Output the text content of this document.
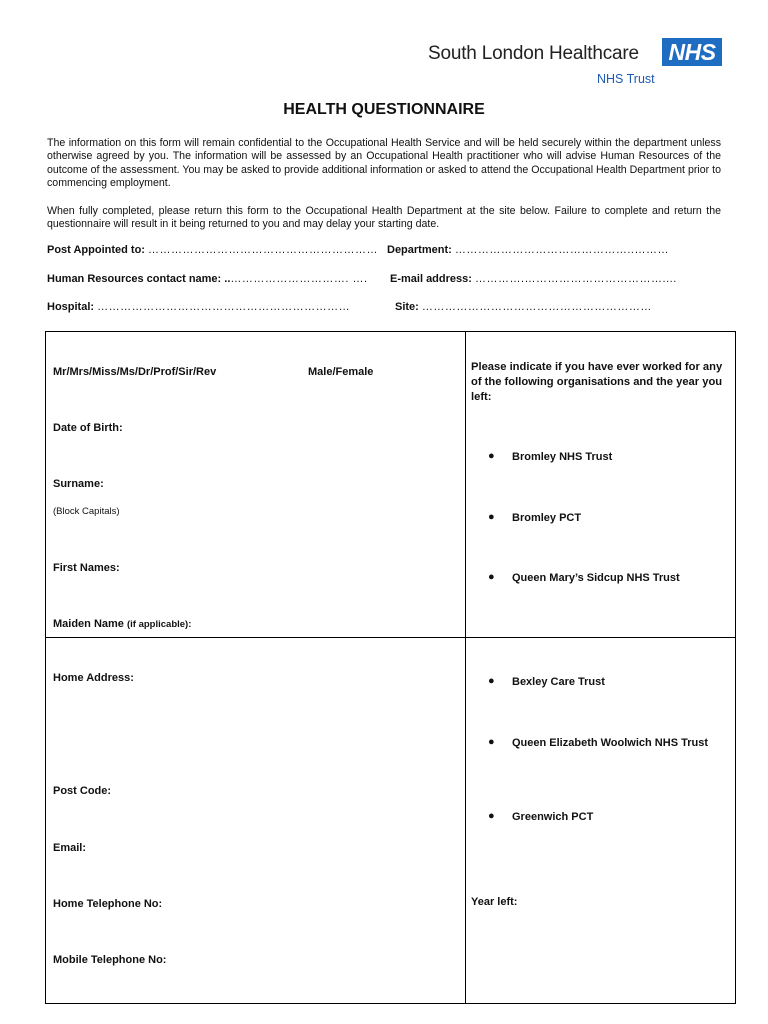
South London Healthcare NHS
NHS Trust
HEALTH QUESTIONNAIRE

The information on this form will remain confidential to the Occupational Health Service and will be held securely within the department unless otherwise agreed by you. The information will be assessed by an Occupational Health practitioner who will advise Human Resources of the outcome of the assessment. You may be asked to provide additional information or asked to attend the Occupational Health Department prior to commencing employment.

When fully completed, please return this form to the Occupational Health Department at the site below. Failure to complete and return the questionnaire will result in it being returned to you and may delay your starting date.

Post Appointed to: …………………………………………………… Department: ………………………………………..………
Human Resources contact name: ..…………………………. …. E-mail address: ………….………………………………....
Hospital: …………………………………………………………	Site: ……………………………………………………
Mr/Mrs/Miss/Ms/Dr/Prof/Sir/Rev	Male/Female
Date of Birth:
Surname:
(Block Capitals)
First Names:
Maiden Name (if applicable):
Home Address:
Post Code:
Email:
Home Telephone No:
Mobile Telephone No:
Please indicate if you have ever worked for any of the following organisations and the year you left:
● Bromley NHS Trust
● Bromley PCT
● Queen Mary’s Sidcup NHS Trust
● Bexley Care Trust
● Queen Elizabeth Woolwich NHS Trust
● Greenwich PCT
Year left:
